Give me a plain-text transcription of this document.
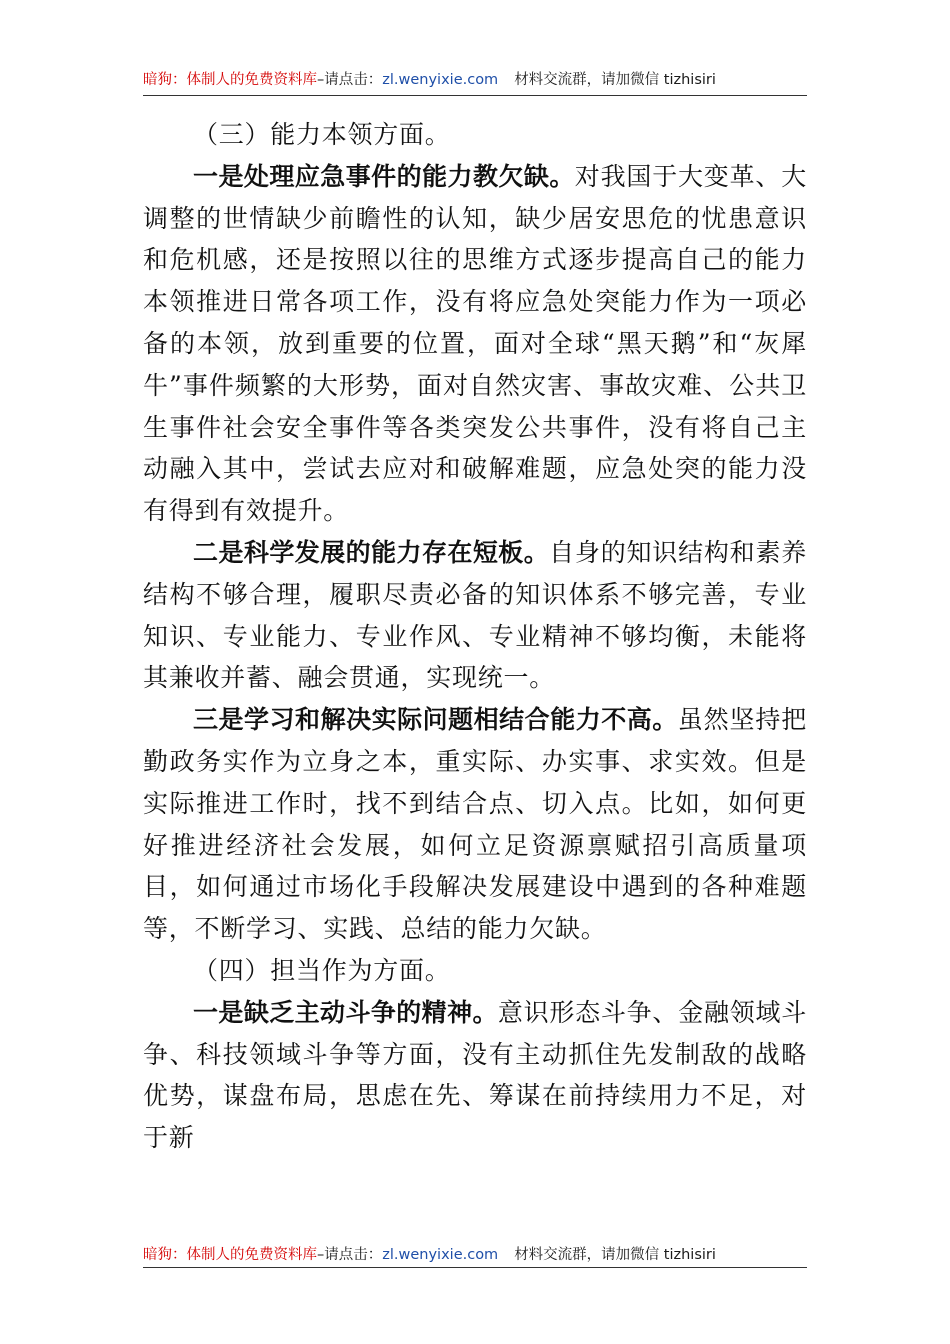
暗狗：体制人的免费资料库 –请点击： zl.wenyixie.com 材料交流群，请加微信 tizhisiri

（三）能力本领方面。

一是处理应急事件的能力教欠缺。对我国于大变革、大调整的世情缺少前瞻性的认知，缺少居安思危的忧患意识和危机感，还是按照以往的思维方式逐步提高自己的能力本领推进日常各项工作，没有将应急处突能力作为一项必备的本领，放到重要的位置，面对全球“黑天鹅”和“灰犀牛”事件频繁的大形势，面对自然灾害、事故灾难、公共卫生事件社会安全事件等各类突发公共事件，没有将自己主动融入其中，尝试去应对和破解难题，应急处突的能力没有得到有效提升。

二是科学发展的能力存在短板。自身的知识结构和素养结构不够合理，履职尽责必备的知识体系不够完善，专业知识、专业能力、专业作风、专业精神不够均衡，未能将其兼收并蓄、融会贯通，实现统一。

三是学习和解决实际问题相结合能力不高。虽然坚持把勤政务实作为立身之本，重实际、办实事、求实效。但是实际推进工作时，找不到结合点、切入点。比如，如何更好推进经济社会发展，如何立足资源禀赋招引高质量项目，如何通过市场化手段解决发展建设中遇到的各种难题等，不断学习、实践、总结的能力欠缺。

（四）担当作为方面。

一是缺乏主动斗争的精神。意识形态斗争、金融领域斗争、科技领域斗争等方面，没有主动抓住先发制敌的战略优势，谋盘布局，思虑在先、筹谋在前持续用力不足，对于新

暗狗：体制人的免费资料库 –请点击： zl.wenyixie.com 材料交流群，请加微信 tizhisiri
